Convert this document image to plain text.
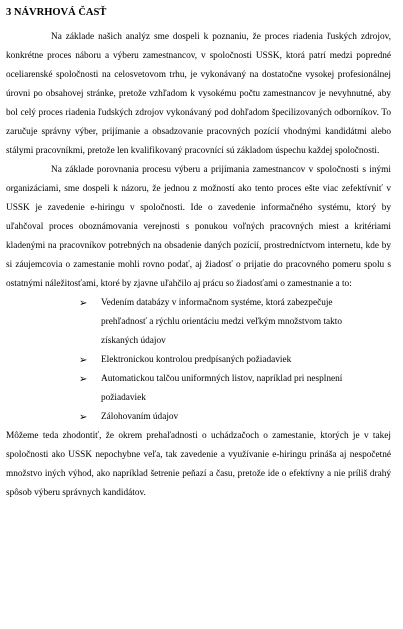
3 NÁVRHOVÁ ČASŤ

Na základe našich analýz sme dospeli k poznaniu, že proces riadenia ľuských zdrojov, konkrétne proces náboru a výberu zamestnancov, v spoločnosti USSK, ktorá patrí medzi popredné oceliarenské spoločnosti na celosvetovom trhu, je vykonávaný na dostatočne vysokej profesionálnej úrovni po obsahovej stránke, pretože vzhľadom k vysokému počtu zamestnancov je nevyhnutné, aby bol celý proces riadenia ľudských zdrojov vykonávaný pod dohľadom špecilizovaných odborníkov. To zaručuje správny výber, prijímanie a obsadzovanie pracovných pozícií vhodnými kandidátmi alebo stálymi pracovníkmi, pretože len kvalifikovaný pracovníci sú základom úspechu každej spoločnosti.

Na základe porovnania procesu výberu a prijímania zamestnancov v spoločnosti s inými organizáciami, sme dospeli k názoru, že jednou z možností ako tento proces ešte viac zefektívniť v USSK je zavedenie e-hiringu v spoločnosti. Ide o zavedenie informačného systému, ktorý by uľahčoval proces oboznámovania verejnosti s ponukou voľných pracovných miest a kritériami kladenými na pracovníkov potrebných na obsadenie daných pozícií, prostredníctvom internetu, kde by si záujemcovia o zamestanie mohli rovno podať, aj žiadosť o prijatie do pracovného pomeru spolu s ostatnými náležitosťami, ktoré by zjavne uľahčilo aj prácu so žiadosťami o zamestnanie a to:

➢ Vedením databázy v informačnom systéme, ktorá zabezpečuje prehľadnosť a rýchlu orientáciu medzi veľkým množstvom takto získaných údajov
➢ Elektronickou kontrolou predpísaných požiadaviek
➢ Automatickou talčou uniformných listov, napríklad pri nesplnení požiadaviek
➢ Zálohovaním údajov

Môžeme teda zhodontiť, že okrem prehaľadnosti o uchádzačoch o zamestanie, ktorých je v takej spoločnosti ako USSK nepochybne veľa, tak zavedenie a využívanie e-hiringu prináša aj nespočetné množstvo iných výhod, ako napríklad šetrenie peňazí a času, pretože ide o efektívny a nie príliš drahý spôsob výberu správnych kandidátov.
